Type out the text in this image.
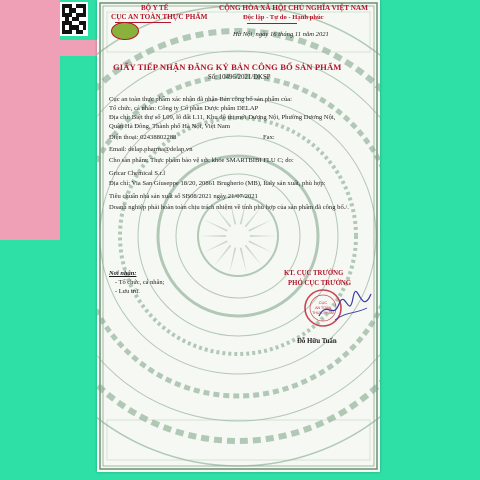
BỘ Y TẾ
CỤC AN TOÀN THỰC PHẨM
CỘNG HÒA XÃ HỘI CHỦ NGHĨA VIỆT NAM
Độc lập - Tự do - Hạnh phúc
Hà Nội, ngày 16 tháng 11 năm 2021
GIẤY TIẾP NHẬN ĐĂNG KÝ BẢN CÔNG BỐ SẢN PHẨM
Số: 10496/2021/ĐKSP
Cục an toàn thực phẩm xác nhận đã nhận Bản công bố sản phẩm của:
Tổ chức, cá nhân: Công ty Cổ phần Dược phẩm DELAP
Địa chỉ: Biệt thự số L09, lô đất L11, Khu đô thị mới Dương Nội, Phường Dương Nội,
Quận Hà Đông, Thành phố Hà Nội, Việt Nam
Điện thoại: 02438802288	Fax:
Email: delap.pharma@delap.vn
Cho sản phẩm: Thực phẩm bảo vệ sức khỏe SMARTBIBI FLU C; do:
Gricar Chemical S.r.l
Địa chỉ: Via San Gíuseppe 18/20, 20861 Brugherio (MB), Italy sản xuất, phù hợp:
Tiêu chuẩn nhà sản xuất số SB08/2021 ngày 21/07/2021
Doanh nghiệp phải hoàn toàn chịu trách nhiệm về tính phù hợp của sản phẩm đã công bố./.
Nơi nhận:
- Tổ chức, cá nhân;
- Lưu trữ.
KT. CỤC TRƯỞNG
PHÓ CỤC TRƯỞNG
CỤC
AN TOÀN
THỰC PHẨM
Đỗ Hữu Tuấn
